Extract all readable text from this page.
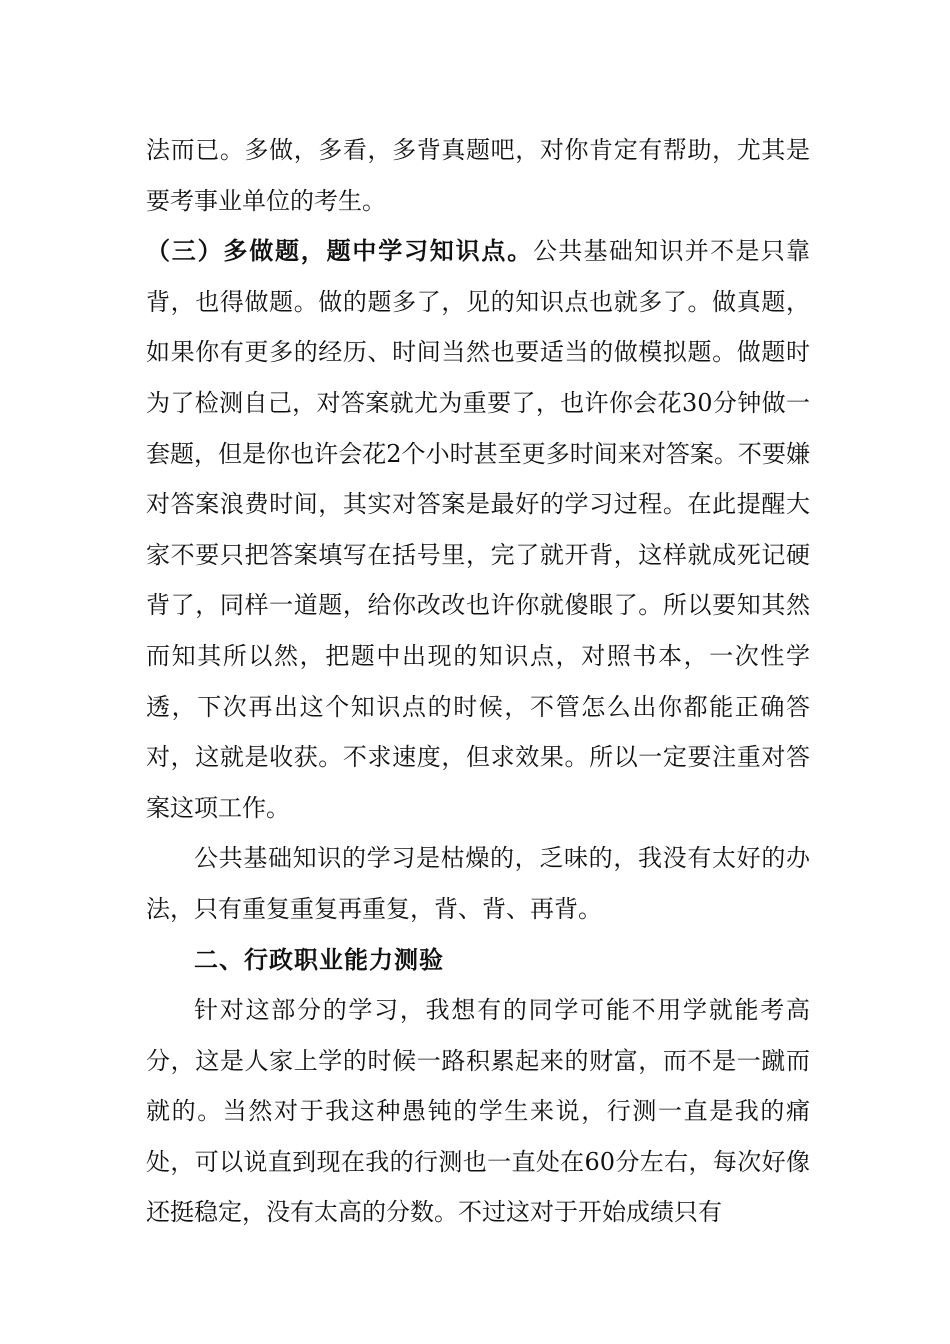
法而已。多做，多看，多背真题吧，对你肯定有帮助，尤其是要考事业单位的考生。

（三）多做题，题中学习知识点。公共基础知识并不是只靠背，也得做题。做的题多了，见的知识点也就多了。做真题，如果你有更多的经历、时间当然也要适当的做模拟题。做题时为了检测自己，对答案就尤为重要了，也许你会花30分钟做一套题，但是你也许会花2个小时甚至更多时间来对答案。不要嫌对答案浪费时间，其实对答案是最好的学习过程。在此提醒大家不要只把答案填写在括号里，完了就开背，这样就成死记硬背了，同样一道题，给你改改也许你就傻眼了。所以要知其然而知其所以然，把题中出现的知识点，对照书本，一次性学透，下次再出这个知识点的时候，不管怎么出你都能正确答对，这就是收获。不求速度，但求效果。所以一定要注重对答案这项工作。

公共基础知识的学习是枯燥的，乏味的，我没有太好的办法，只有重复重复再重复，背、背、再背。

二、行政职业能力测验

针对这部分的学习，我想有的同学可能不用学就能考高分，这是人家上学的时候一路积累起来的财富，而不是一蹴而就的。当然对于我这种愚钝的学生来说，行测一直是我的痛处，可以说直到现在我的行测也一直处在60分左右，每次好像还挺稳定，没有太高的分数。不过这对于开始成绩只有
